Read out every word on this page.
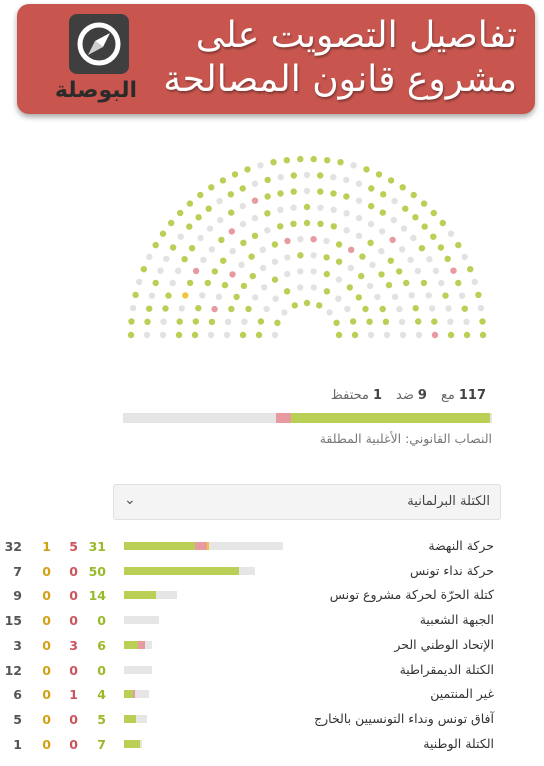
البوصلة
تفاصيل التصويت على مشروع قانون المصالحة
117مع9ضد1محتفظ
النصاب القانوني: الأغلبية المطلقة
الكتلة البرلمانية
⌄
32	1	5 31	حركة النهضة
7	0	0 50	حركة نداء تونس
9	0	0 14	كتلة الحرّة لحركة مشروع تونس
15	0	0	0	الجبهة الشعبية
3	0	3	6	الإتحاد الوطني الحر
12	0	0	0	الكتلة الديمقراطية
6	0	1	4	غير المنتمين
5	0	0	5	آفاق تونس ونداء التونسيين بالخارج
1	0	0	7	الكتلة الوطنية
